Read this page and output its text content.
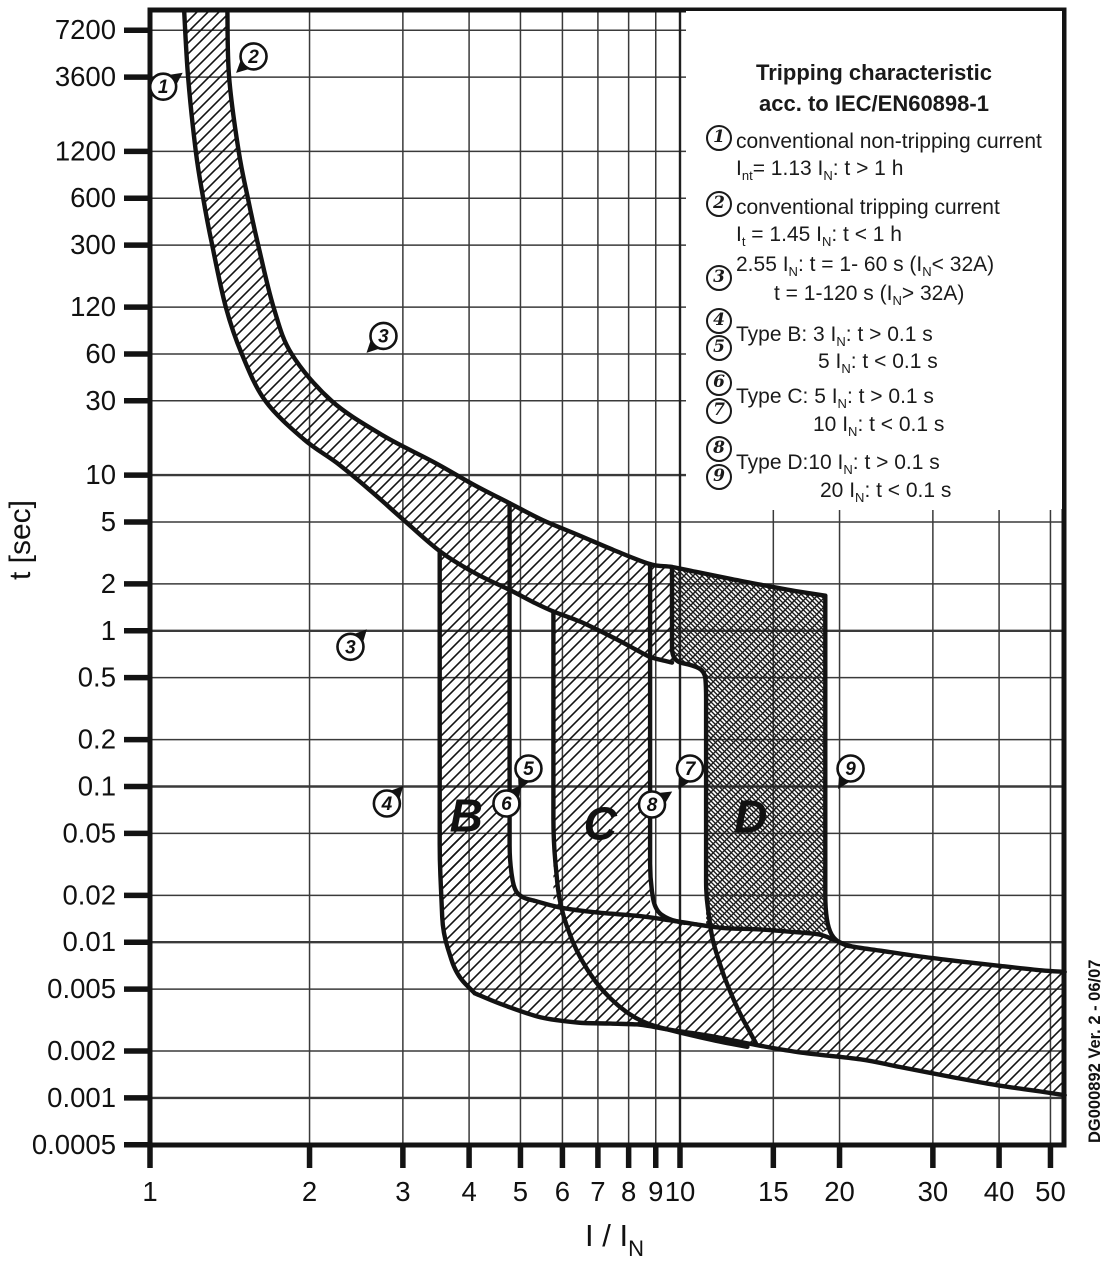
7200
3600
1200
600
300
120
60
30
10
5
2
1
0.5
0.2
0.1
0.05
0.02
0.01
0.005
0.002
0.001
0.0005
1	2	3 4 5 6 7 8 9 10 15 20 30 40 50
t [sec]
I / $I_N$
B C	D
1
2
3
3
4
5
6
7
8
9
DG000892 Ver. 2 - 06/07
Tripping characteristic
acc. to IEC/EN60898-1
1 conventional non-tripping current
$I_{nt}= 1.13$ $I_N$: t > 1 h
2 conventional tripping current
$I_t = 1.45$ $I_N$: t < 1 h
3
2.55 $I_N$: t = 1- 60 s $(I_N< 32A)$
t = 1-120 s $(I_N> 32A)$
4
Type B: 3 $I_N$: t > 0.1 s
5
5 $I_N$: t < 0.1 s
6
Type C: 5 $I_N$: t > 0.1 s
7
10 $I_N$: t < 0.1 s
8
Type D:10 $I_N$: t > 0.1 s
9
20 $I_N$: t < 0.1 s
